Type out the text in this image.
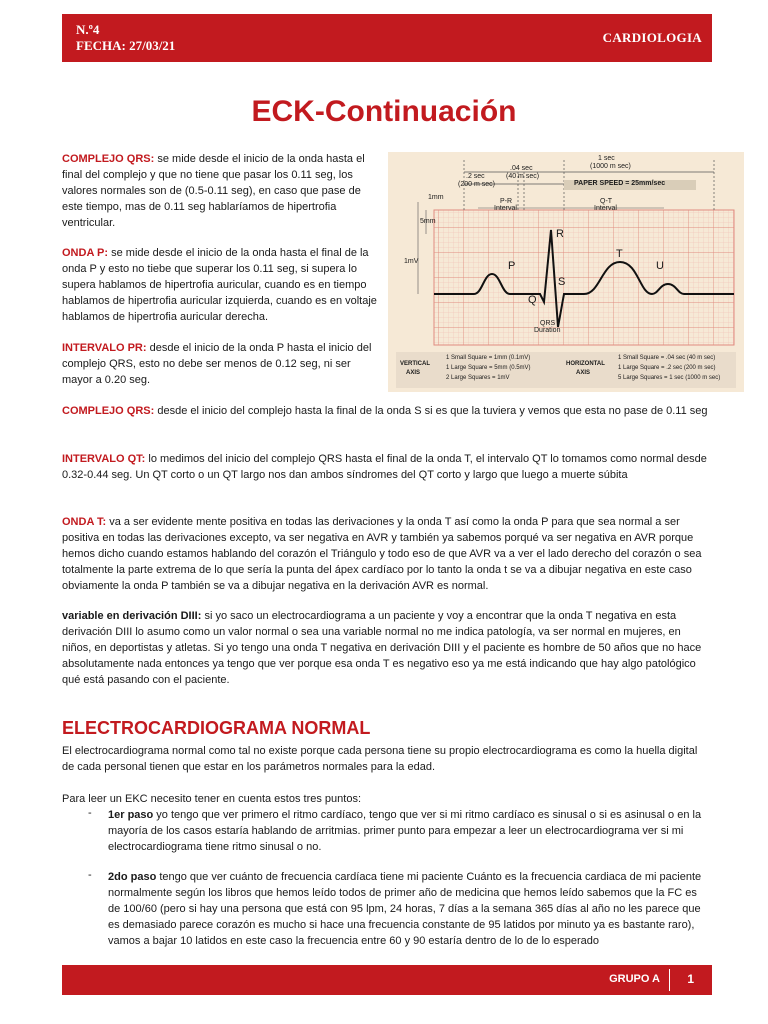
N.º4
FECHA: 27/03/21
CARDIOLOGIA
ECK-Continuación

COMPLEJO QRS: se mide desde el inicio de la onda hasta el final del complejo y que no tiene que pasar los 0.11 seg, los valores normales son de (0.5-0.11 seg), en caso que pase de este tiempo, mas de 0.11 seg hablaríamos de hipertrofia ventricular.

ONDA P: se mide desde el inicio de la onda hasta el final de la onda P y esto no tiebe que superar los 0.11 seg, si supera lo supera hablamos de hipertrofia auricular, cuando es en tiempo hablamos de hipertrofia auricular izquierda, cuando es en voltaje hablamos de hipertrofia auricular derecha.

INTERVALO PR: desde el inicio de la onda P hasta el inicio del complejo QRS, esto no debe ser menos de 0.12 seg, ni ser mayor a 0.20 seg.

1 sec
(1000 m sec)
.2 sec
(200 m sec)
.04 sec
(40 m sec)
PAPER SPEED = 25mm/sec
P-R
Interval
Q-T
Interval
1mm
5mm
1mV	P
Q
R
S
T
U
QRS
Duration
VERTICAL
AXIS
1 Small Square = 1mm (0.1mV)
1 Large Square = 5mm (0.5mV)
2 Large Squares = 1mV
HORIZONTAL
AXIS
1 Small Square = .04 sec (40 m sec)
1 Large Square = .2 sec (200 m sec)
5 Large Squares = 1 sec (1000 m sec)

COMPLEJO QRS: desde el inicio del complejo hasta la final de la onda S si es que la tuviera y vemos que esta no pase de 0.11 seg

INTERVALO QT: lo medimos del inicio del complejo QRS hasta el final de la onda T, el intervalo QT lo tomamos como normal desde 0.32-0.44 seg. Un QT corto o un QT largo nos dan ambos síndromes del QT corto y largo que luego a muerte súbita

ONDA T: va a ser evidente mente positiva en todas las derivaciones y la onda T así como la onda P para que sea normal a ser positiva en todas las derivaciones excepto, va ser negativa en AVR y también ya sabemos porqué va ser negativa en AVR porque hemos dicho cuando estamos hablando del corazón el Triángulo y todo eso de que AVR va a ver el lado derecho del corazón o sea totalmente la parte extrema de lo que sería la punta del ápex cardíaco por lo tanto la onda t se va a dibujar negativa en este caso obviamente la onda P también se va a dibujar negativa en la derivación AVR es normal.

variable en derivación DIII: si yo saco un electrocardiograma a un paciente y voy a encontrar que la onda T negativa en esta derivación DIII lo asumo como un valor normal o sea una variable normal no me indica patología, va ser normal en mujeres, en niños, en deportistas y atletas. Si yo tengo una onda T negativa en derivación DIII y el paciente es hombre de 50 años que no hace absolutamente nada entonces ya tengo que ver porque esa onda T es negativo eso ya me está indicando que hay algo patológico qué está pasando con el paciente.

ELECTROCARDIOGRAMA NORMAL

El electrocardiograma normal como tal no existe porque cada persona tiene su propio electrocardiograma es como la huella digital de cada personal tienen que estar en los parámetros normales para la edad.

Para leer un EKC necesito tener en cuenta estos tres puntos:

- 1er paso yo tengo que ver primero el ritmo cardíaco, tengo que ver si mi ritmo cardíaco es sinusal o si es asinusal o en la mayoría de los casos estaría hablando de arritmias. primer punto para empezar a leer un electrocardiograma ver si mi electrocardiograma tiene ritmo sinusal o no.
- 2do paso tengo que ver cuánto de frecuencia cardíaca tiene mi paciente Cuánto es la frecuencia cardiaca de mi paciente normalmente según los libros que hemos leído todos de primer año de medicina que hemos leído sabemos que la FC es de 100/60 (pero si hay una persona que está con 95 lpm, 24 horas, 7 días a la semana 365 días al año no les parece que es demasiado parece corazón es mucho si hace una frecuencia constante de 95 latidos por minuto ya es bastante raro), vamos a bajar 10 latidos en este caso la frecuencia entre 60 y 90 estaría dentro de lo de lo esperado
GRUPO A 1
